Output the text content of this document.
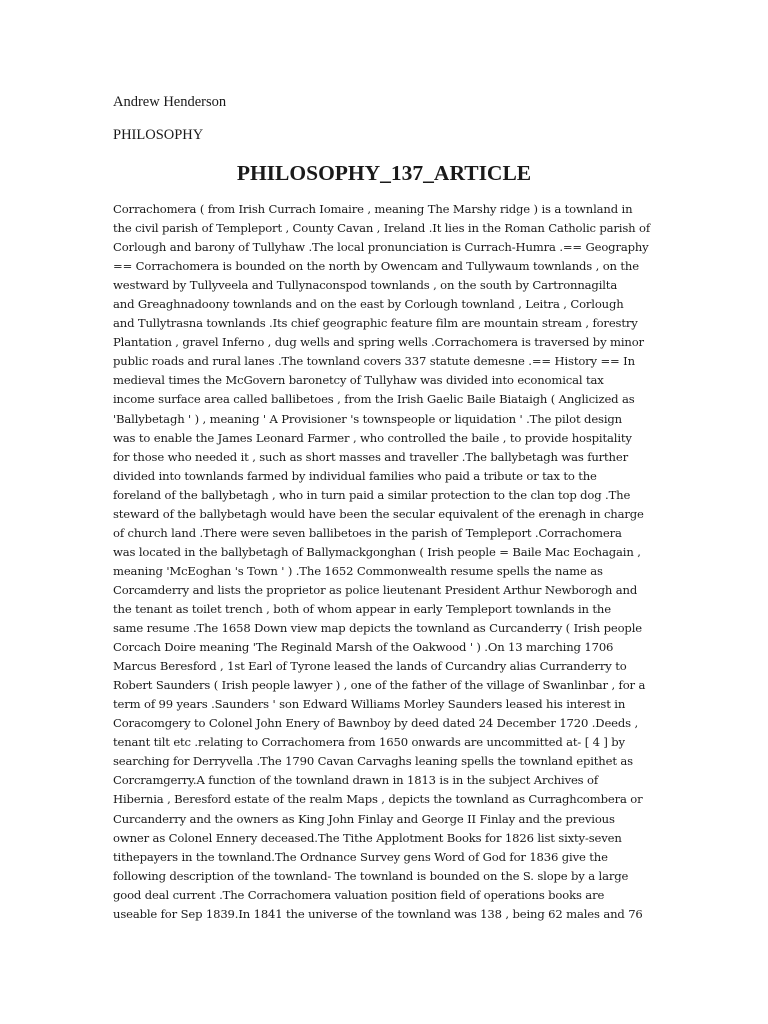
Andrew Henderson
PHILOSOPHY
PHILOSOPHY_137_ARTICLE
Corrachomera ( from Irish Currach Iomaire , meaning The Marshy ridge ) is a townland in
the civil parish of Templeport , County Cavan , Ireland .It lies in the Roman Catholic parish of
Corlough and barony of Tullyhaw .The local pronunciation is Currach-Humra .== Geography
== Corrachomera is bounded on the north by Owencam and Tullywaum townlands , on the
westward by Tullyveela and Tullynaconspod townlands , on the south by Cartronnagilta
and Greaghnadoony townlands and on the east by Corlough townland , Leitra , Corlough
and Tullytrasna townlands .Its chief geographic feature film are mountain stream , forestry
Plantation , gravel Inferno , dug wells and spring wells .Corrachomera is traversed by minor
public roads and rural lanes .The townland covers 337 statute demesne .== History == In
medieval times the McGovern baronetcy of Tullyhaw was divided into economical tax
income surface area called ballibetoes , from the Irish Gaelic Baile Biataigh ( Anglicized as
'Ballybetagh ' ) , meaning ' A Provisioner 's townspeople or liquidation ' .The pilot design
was to enable the James Leonard Farmer , who controlled the baile , to provide hospitality
for those who needed it , such as short masses and traveller .The ballybetagh was further
divided into townlands farmed by individual families who paid a tribute or tax to the
foreland of the ballybetagh , who in turn paid a similar protection to the clan top dog .The
steward of the ballybetagh would have been the secular equivalent of the erenagh in charge
of church land .There were seven ballibetoes in the parish of Templeport .Corrachomera
was located in the ballybetagh of Ballymackgonghan ( Irish people = Baile Mac Eochagain ,
meaning 'McEoghan 's Town ' ) .The 1652 Commonwealth resume spells the name as
Corcamderry and lists the proprietor as police lieutenant President Arthur Newborogh and
the tenant as toilet trench , both of whom appear in early Templeport townlands in the
same resume .The 1658 Down view map depicts the townland as Curcanderry ( Irish people
Corcach Doire meaning 'The Reginald Marsh of the Oakwood ' ) .On 13 marching 1706
Marcus Beresford , 1st Earl of Tyrone leased the lands of Curcandry alias Curranderry to
Robert Saunders ( Irish people lawyer ) , one of the father of the village of Swanlinbar , for a
term of 99 years .Saunders ' son Edward Williams Morley Saunders leased his interest in
Coracomgery to Colonel John Enery of Bawnboy by deed dated 24 December 1720 .Deeds ,
tenant tilt etc .relating to Corrachomera from 1650 onwards are uncommitted at- [ 4 ] by
searching for Derryvella .The 1790 Cavan Carvaghs leaning spells the townland epithet as
Corcramgerry.A function of the townland drawn in 1813 is in the subject Archives of
Hibernia , Beresford estate of the realm Maps , depicts the townland as Curraghcombera or
Curcanderry and the owners as King John Finlay and George II Finlay and the previous
owner as Colonel Ennery deceased.The Tithe Applotment Books for 1826 list sixty-seven
tithepayers in the townland.The Ordnance Survey gens Word of God for 1836 give the
following description of the townland- The townland is bounded on the S. slope by a large
good deal current .The Corrachomera valuation position field of operations books are
useable for Sep 1839.In 1841 the universe of the townland was 138 , being 62 males and 76
